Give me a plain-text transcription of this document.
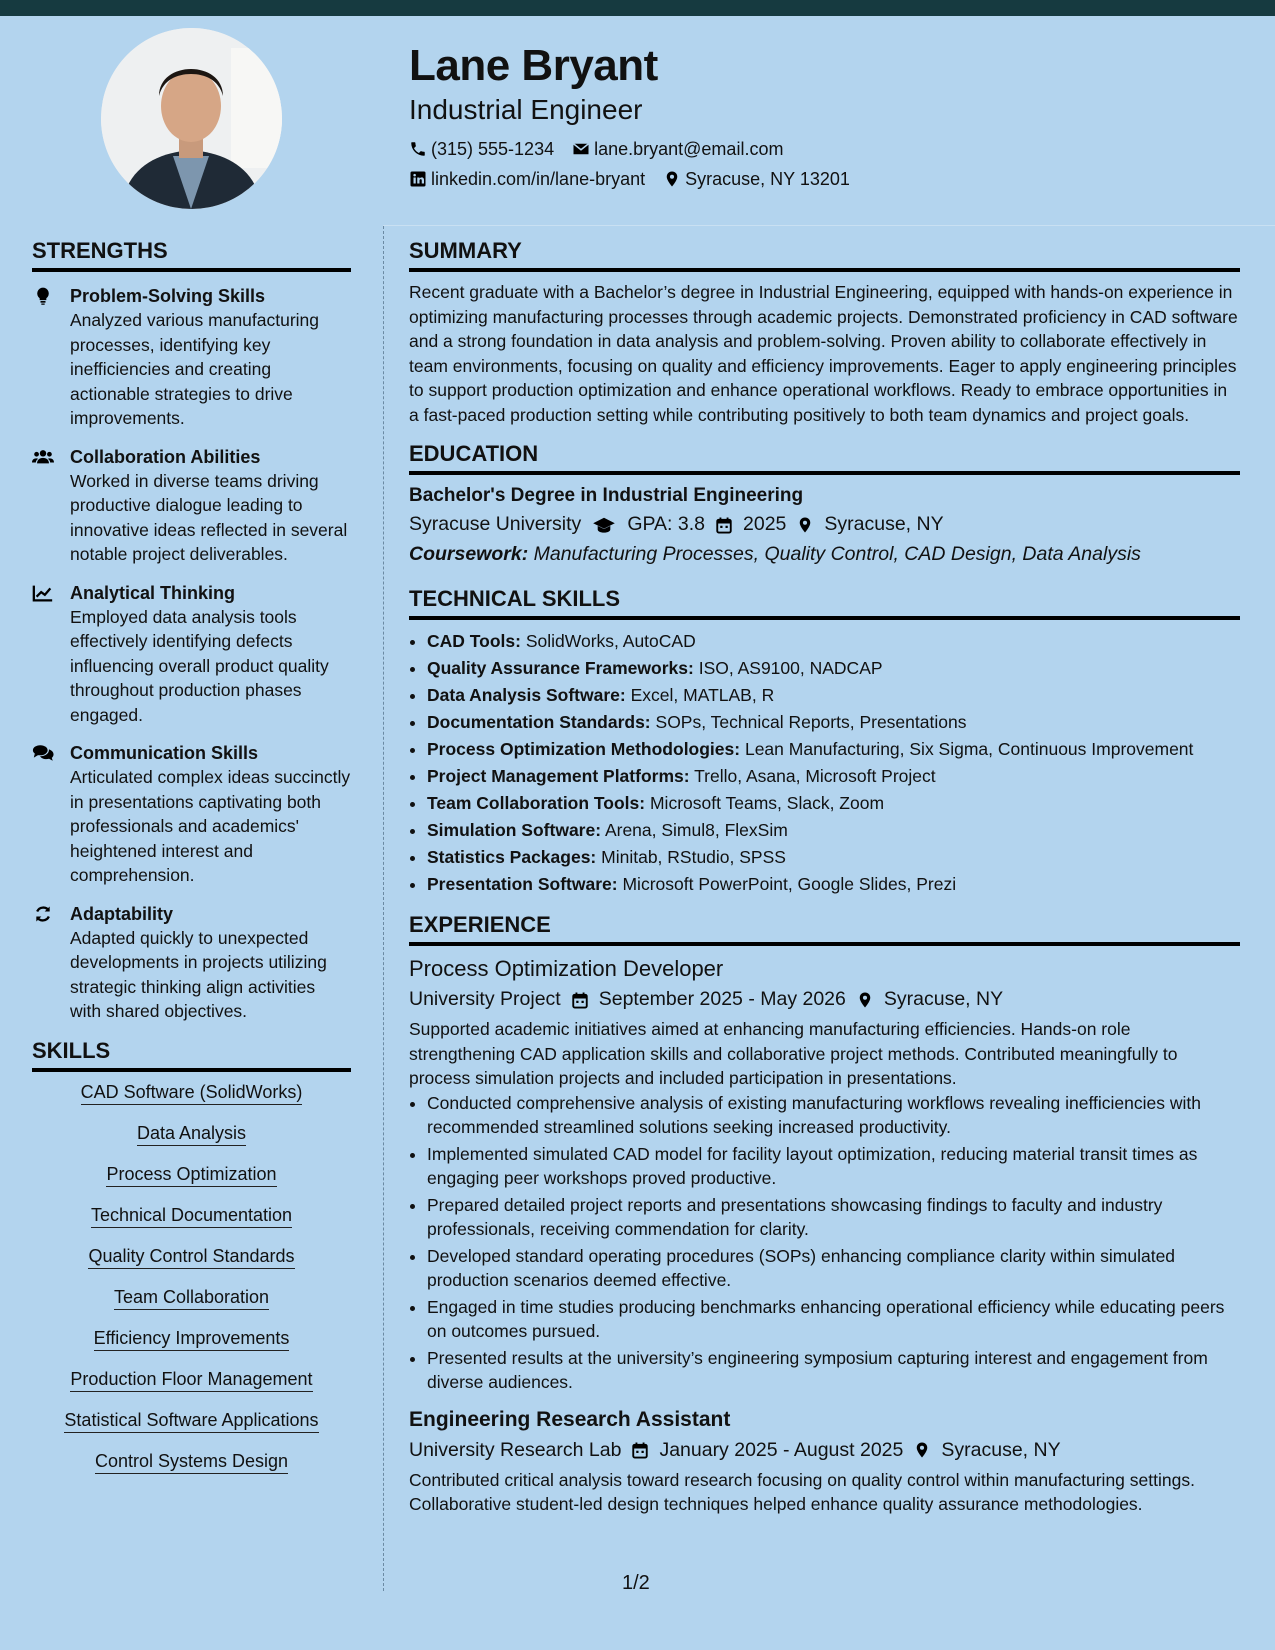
Lane Bryant
Industrial Engineer
(315) 555-1234 lane.bryant@email.com
linkedin.com/in/lane-bryant Syracuse, NY 13201
STRENGTHS
Problem-Solving Skills
Analyzed various manufacturing processes, identifying key inefficiencies and creating actionable strategies to drive improvements.
Collaboration Abilities
Worked in diverse teams driving productive dialogue leading to innovative ideas reflected in several notable project deliverables.
Analytical Thinking
Employed data analysis tools effectively identifying defects influencing overall product quality throughout production phases engaged.
Communication Skills
Articulated complex ideas succinctly in presentations captivating both professionals and academics' heightened interest and comprehension.
Adaptability
Adapted quickly to unexpected developments in projects utilizing strategic thinking align activities with shared objectives.
SKILLS
CAD Software (SolidWorks)
Data Analysis
Process Optimization
Technical Documentation
Quality Control Standards
Team Collaboration
Efficiency Improvements
Production Floor Management
Statistical Software Applications
Control Systems Design
SUMMARY
Recent graduate with a Bachelor’s degree in Industrial Engineering, equipped with hands-on experience in optimizing manufacturing processes through academic projects. Demonstrated proficiency in CAD software and a strong foundation in data analysis and problem-solving. Proven ability to collaborate effectively in team environments, focusing on quality and efficiency improvements. Eager to apply engineering principles to support production optimization and enhance operational workflows. Ready to embrace opportunities in a fast-paced production setting while contributing positively to both team dynamics and project goals.
EDUCATION
Bachelor's Degree in Industrial Engineering
Syracuse University GPA: 3.8 2025 Syracuse, NY
Coursework: Manufacturing Processes, Quality Control, CAD Design, Data Analysis
TECHNICAL SKILLS
• CAD Tools: SolidWorks, AutoCAD
• Quality Assurance Frameworks: ISO, AS9100, NADCAP
• Data Analysis Software: Excel, MATLAB, R
• Documentation Standards: SOPs, Technical Reports, Presentations
• Process Optimization Methodologies: Lean Manufacturing, Six Sigma, Continuous Improvement
• Project Management Platforms: Trello, Asana, Microsoft Project
• Team Collaboration Tools: Microsoft Teams, Slack, Zoom
• Simulation Software: Arena, Simul8, FlexSim
• Statistics Packages: Minitab, RStudio, SPSS
• Presentation Software: Microsoft PowerPoint, Google Slides, Prezi
EXPERIENCE
Process Optimization Developer
University Project September 2025 - May 2026 Syracuse, NY
Supported academic initiatives aimed at enhancing manufacturing efficiencies. Hands-on role strengthening CAD application skills and collaborative project methods. Contributed meaningfully to process simulation projects and included participation in presentations.
• Conducted comprehensive analysis of existing manufacturing workflows revealing inefficiencies with recommended streamlined solutions seeking increased productivity.
• Implemented simulated CAD model for facility layout optimization, reducing material transit times as engaging peer workshops proved productive.
• Prepared detailed project reports and presentations showcasing findings to faculty and industry professionals, receiving commendation for clarity.
• Developed standard operating procedures (SOPs) enhancing compliance clarity within simulated production scenarios deemed effective.
• Engaged in time studies producing benchmarks enhancing operational efficiency while educating peers on outcomes pursued.
• Presented results at the university’s engineering symposium capturing interest and engagement from diverse audiences.
Engineering Research Assistant
University Research Lab January 2025 - August 2025 Syracuse, NY
Contributed critical analysis toward research focusing on quality control within manufacturing settings. Collaborative student-led design techniques helped enhance quality assurance methodologies.
1/2
